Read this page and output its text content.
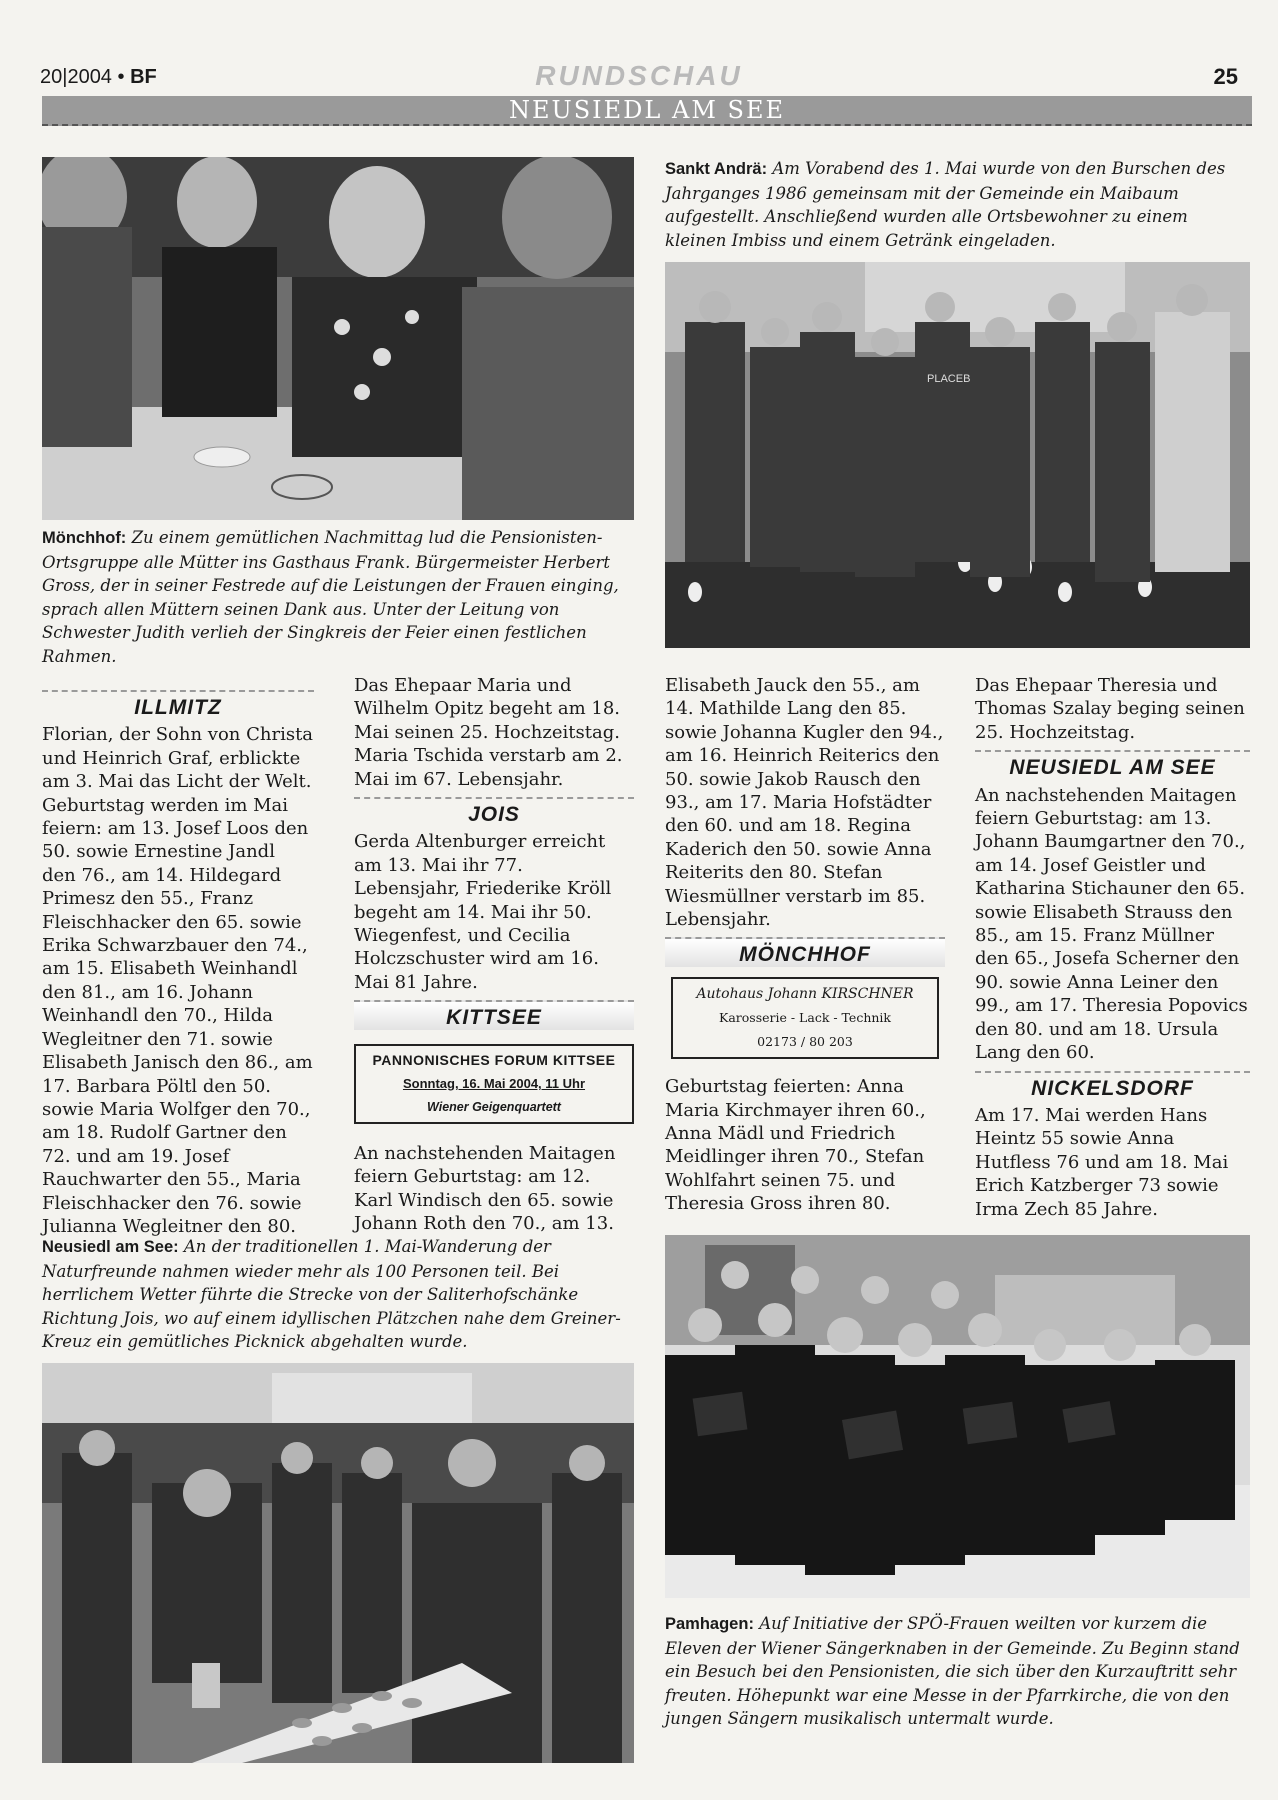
20|2004 • BF	RUNDSCHAU	25
NEUSIEDL AM SEE
Mönchhof: Zu einem gemütlichen Nachmittag lud die Pensionisten-Ortsgruppe alle Mütter ins Gasthaus Frank. Bürgermeister Herbert Gross, der in seiner Festrede auf die Leistungen der Frauen einging, sprach allen Müttern seinen Dank aus. Unter der Leitung von Schwester Judith verlieh der Singkreis der Feier einen festlichen Rahmen.
Sankt Andrä: Am Vorabend des 1. Mai wurde von den Burschen des Jahrganges 1986 gemeinsam mit der Gemeinde ein Maibaum aufgestellt. Anschließend wurden alle Ortsbewohner zu einem kleinen Imbiss und einem Getränk eingeladen.
PLACEB
ILLMITZ

Florian, der Sohn von Christa und Heinrich Graf, erblickte am 3. Mai das Licht der Welt. Geburtstag werden im Mai feiern: am 13. Josef Loos den 50. sowie Ernestine Jandl den 76., am 14. Hildegard Primesz den 55., Franz Fleischhacker den 65. sowie Erika Schwarzbauer den 74., am 15. Elisabeth Weinhandl den 81., am 16. Johann Weinhandl den 70., Hilda Wegleitner den 71. sowie Elisabeth Janisch den 86., am 17. Barbara Pöltl den 50. sowie Maria Wolfger den 70., am 18. Rudolf Gartner den 72. und am 19. Josef Rauchwarter den 55., Maria Fleischhacker den 76. sowie Julianna Wegleitner den 80.

Das Ehepaar Maria und Wilhelm Opitz begeht am 18. Mai seinen 25. Hochzeitstag. Maria Tschida verstarb am 2. Mai im 67. Lebensjahr.

JOIS

Gerda Altenburger erreicht am 13. Mai ihr 77. Lebensjahr, Friederike Kröll begeht am 14. Mai ihr 50. Wiegenfest, und Cecilia Holczschuster wird am 16. Mai 81 Jahre.

KITTSEE
PANNONISCHES FORUM KITTSEE
Sonntag, 16. Mai 2004, 11 Uhr
Wiener Geigenquartett

An nachstehenden Maitagen feiern Geburtstag: am 12. Karl Windisch den 65. sowie Johann Roth den 70., am 13.

Elisabeth Jauck den 55., am 14. Mathilde Lang den 85. sowie Johanna Kugler den 94., am 16. Heinrich Reiterics den 50. sowie Jakob Rausch den 93., am 17. Maria Hofstädter den 60. und am 18. Regina Kaderich den 50. sowie Anna Reiterits den 80. Stefan Wiesmüllner verstarb im 85. Lebensjahr.

MÖNCHHOF
Autohaus Johann KIRSCHNER
Karosserie - Lack - Technik
02173 / 80 203

Geburtstag feierten: Anna Maria Kirchmayer ihren 60., Anna Mädl und Friedrich Meidlinger ihren 70., Stefan Wohlfahrt seinen 75. und Theresia Gross ihren 80.

Das Ehepaar Theresia und Thomas Szalay beging seinen 25. Hochzeitstag.

NEUSIEDL AM SEE

An nachstehenden Maitagen feiern Geburtstag: am 13. Johann Baumgartner den 70., am 14. Josef Geistler und Katharina Stichauner den 65. sowie Elisabeth Strauss den 85., am 15. Franz Müllner den 65., Josefa Scherner den 90. sowie Anna Leiner den 99., am 17. Theresia Popovics den 80. und am 18. Ursula Lang den 60.

NICKELSDORF

Am 17. Mai werden Hans Heintz 55 sowie Anna Hutfless 76 und am 18. Mai Erich Katzberger 73 sowie Irma Zech 85 Jahre.

Neusiedl am See: An der traditionellen 1. Mai-Wanderung der Naturfreunde nahmen wieder mehr als 100 Personen teil. Bei herrlichem Wetter führte die Strecke von der Saliterhofschänke Richtung Jois, wo auf einem idyllischen Plätzchen nahe dem Greiner-Kreuz ein gemütliches Picknick abgehalten wurde.
Pamhagen: Auf Initiative der SPÖ-Frauen weilten vor kurzem die Eleven der Wiener Sängerknaben in der Gemeinde. Zu Beginn stand ein Besuch bei den Pensionisten, die sich über den Kurzauftritt sehr freuten. Höhepunkt war eine Messe in der Pfarrkirche, die von den jungen Sängern musikalisch untermalt wurde.
